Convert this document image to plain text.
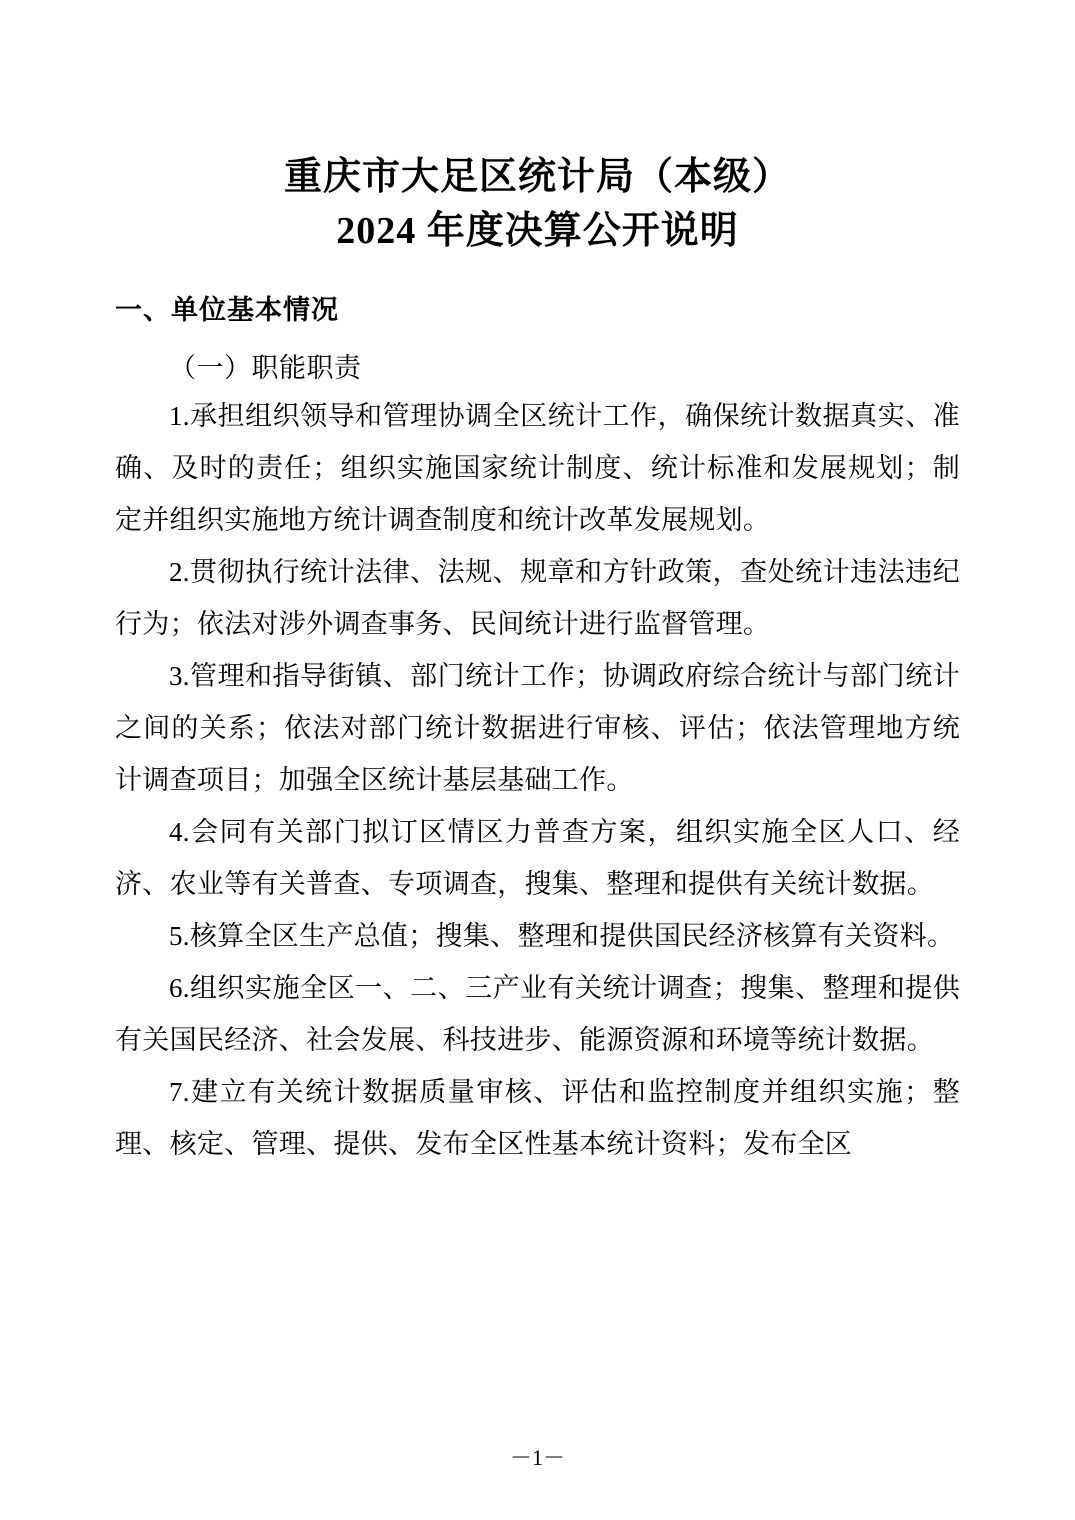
重庆市大足区统计局（本级）
2024 年度决算公开说明
一、单位基本情况
（一）职能职责

1.承担组织领导和管理协调全区统计工作，确保统计数据真实、准确、及时的责任；组织实施国家统计制度、统计标准和发展规划；制定并组织实施地方统计调查制度和统计改革发展规划。

2.贯彻执行统计法律、法规、规章和方针政策，查处统计违法违纪行为；依法对涉外调查事务、民间统计进行监督管理。

3.管理和指导街镇、部门统计工作；协调政府综合统计与部门统计之间的关系；依法对部门统计数据进行审核、评估；依法管理地方统计调查项目；加强全区统计基层基础工作。

4.会同有关部门拟订区情区力普查方案，组织实施全区人口、经济、农业等有关普查、专项调查，搜集、整理和提供有关统计数据。

5.核算全区生产总值；搜集、整理和提供国民经济核算有关资料。

6.组织实施全区一、二、三产业有关统计调查；搜集、整理和提供有关国民经济、社会发展、科技进步、能源资源和环境等统计数据。

7.建立有关统计数据质量审核、评估和监控制度并组织实施；整理、核定、管理、提供、发布全区性基本统计资料；发布全区

－1－
